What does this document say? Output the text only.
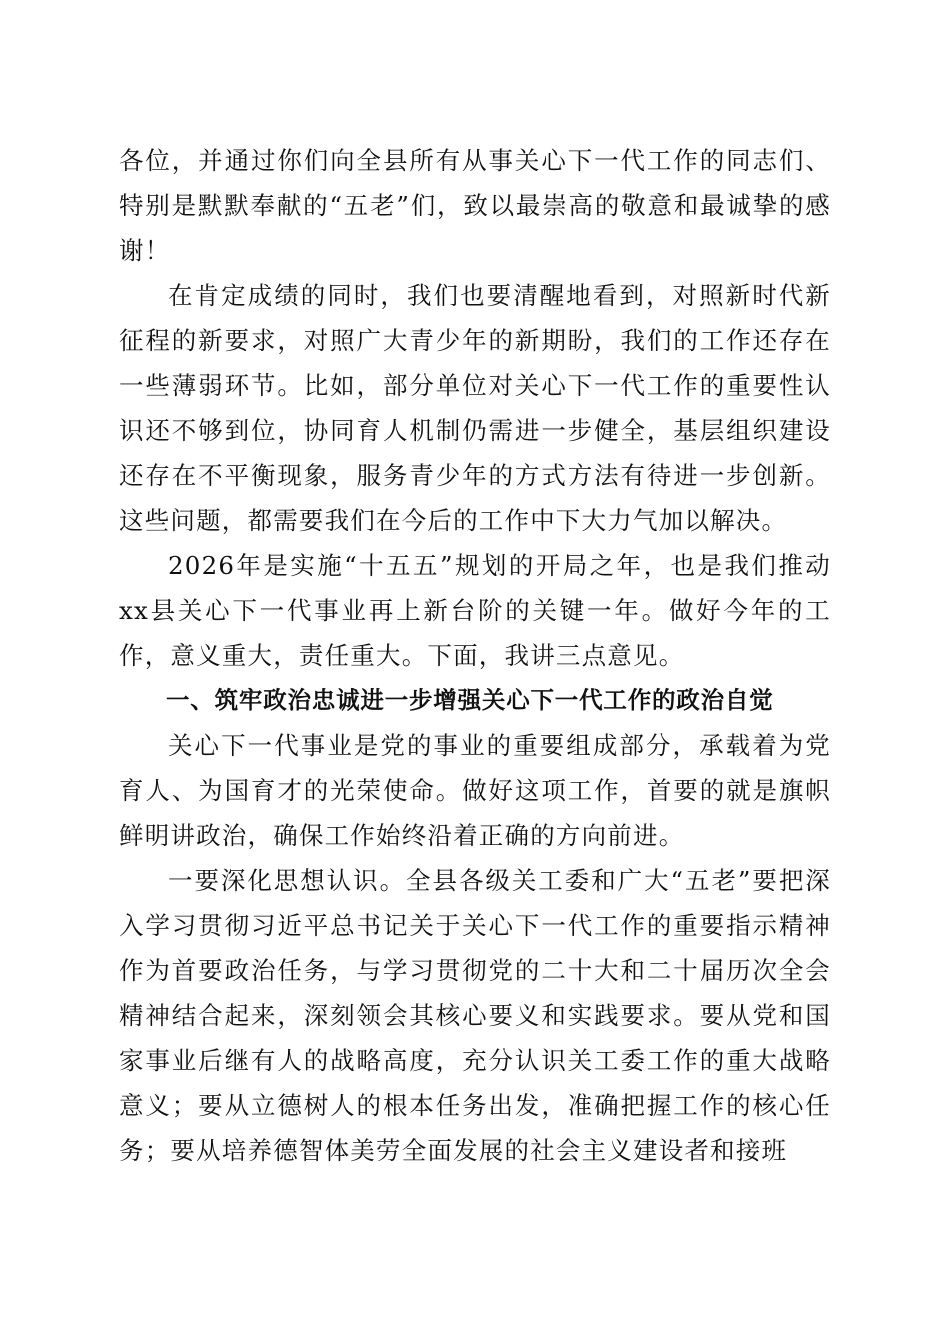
各位，并通过你们向全县所有从事关心下一代工作的同志们、特别是默默奉献的“五老”们，致以最崇高的敬意和最诚挚的感谢！

在肯定成绩的同时，我们也要清醒地看到，对照新时代新征程的新要求，对照广大青少年的新期盼，我们的工作还存在一些薄弱环节。比如，部分单位对关心下一代工作的重要性认识还不够到位，协同育人机制仍需进一步健全，基层组织建设还存在不平衡现象，服务青少年的方式方法有待进一步创新。这些问题，都需要我们在今后的工作中下大力气加以解决。

2026年是实施“十五五”规划的开局之年，也是我们推动xx县关心下一代事业再上新台阶的关键一年。做好今年的工作，意义重大，责任重大。下面，我讲三点意见。

一、筑牢政治忠诚进一步增强关心下一代工作的政治自觉

关心下一代事业是党的事业的重要组成部分，承载着为党育人、为国育才的光荣使命。做好这项工作，首要的就是旗帜鲜明讲政治，确保工作始终沿着正确的方向前进。

一要深化思想认识。全县各级关工委和广大“五老”要把深入学习贯彻习近平总书记关于关心下一代工作的重要指示精神作为首要政治任务，与学习贯彻党的二十大和二十届历次全会精神结合起来，深刻领会其核心要义和实践要求。要从党和国家事业后继有人的战略高度，充分认识关工委工作的重大战略意义；要从立德树人的根本任务出发，准确把握工作的核心任务；要从培养德智体美劳全面发展的社会主义建设者和接班
